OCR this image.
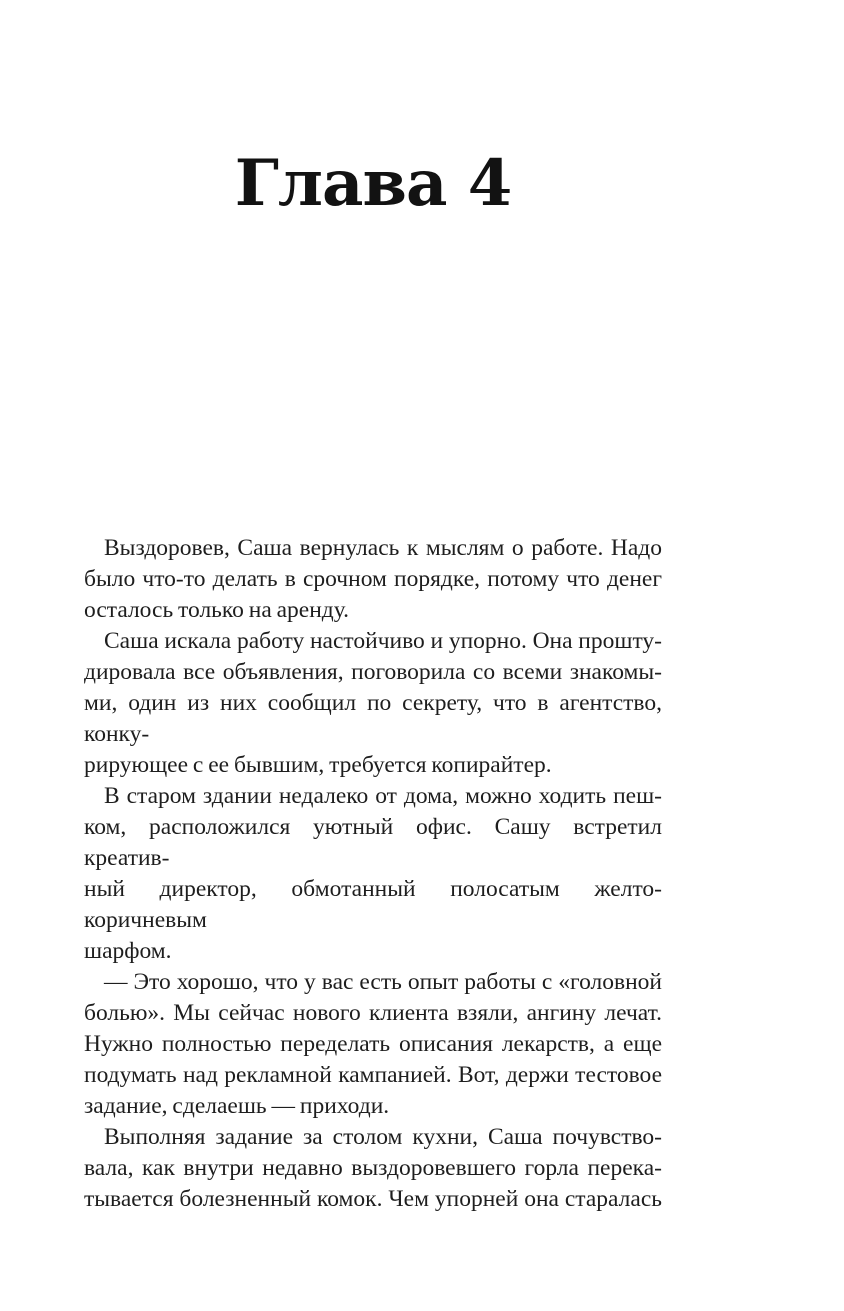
Глава 4
Выздоровев, Саша вернулась к мыслям о работе. Надо
было что-то делать в срочном порядке, потому что денег
осталось только на аренду.
Саша искала работу настойчиво и упорно. Она прошту-
дировала все объявления, поговорила со всеми знакомы-
ми, один из них сообщил по секрету, что в агентство, конку-
рирующее с ее бывшим, требуется копирайтер.
В старом здании недалеко от дома, можно ходить пеш-
ком, расположился уютный офис. Сашу встретил креатив-
ный директор, обмотанный полосатым желто-коричневым
шарфом.
— Это хорошо, что у вас есть опыт работы с «головной
болью». Мы сейчас нового клиента взяли, ангину лечат.
Нужно полностью переделать описания лекарств, а еще
подумать над рекламной кампанией. Вот, держи тестовое
задание, сделаешь — приходи.
Выполняя задание за столом кухни, Саша почувство-
вала, как внутри недавно выздоровевшего горла перека-
тывается болезненный комок. Чем упорней она старалась
